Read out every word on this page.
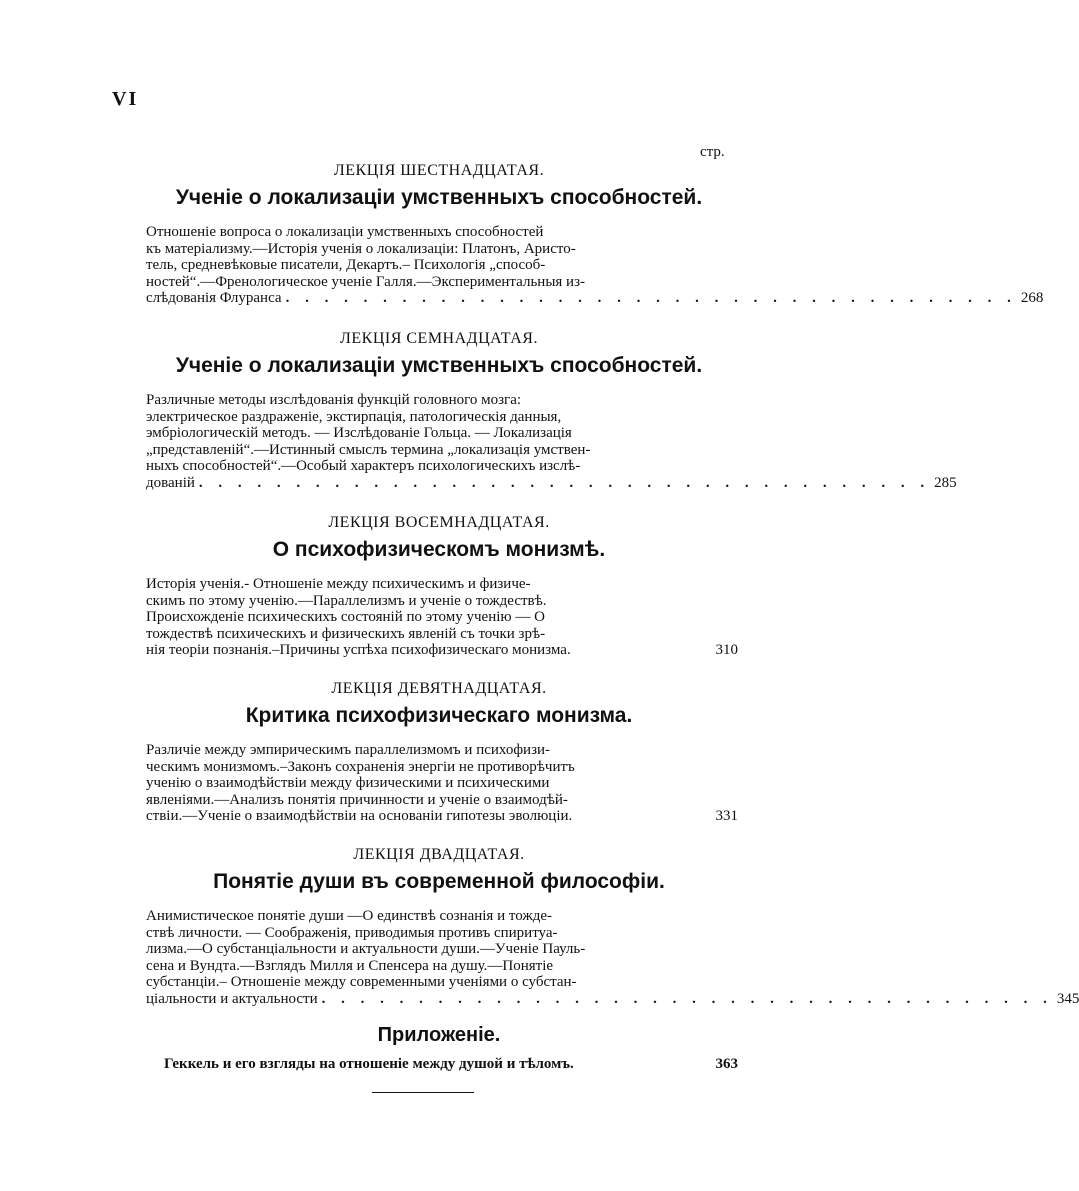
VI
стр.
ЛЕКЦІЯ ШЕСТНАДЦАТАЯ.
Ученіе о локализаціи умственныхъ способностей.
Отношеніе вопроса о локализаціи умственныхъ способностей
къ матеріализму.—Исторія ученія о локализаціи: Платонъ, Аристо-
тель, средневѣковые писатели, Декартъ.– Психологія „способ-
ностей“.—Френологическое ученіе Галля.—Экспериментальныя из-
слѣдованія Флуранса . . . . . . . . . . . . . . . . . . . . . . . . . . . . . . . . . . . . . . 268
ЛЕКЦІЯ СЕМНАДЦАТАЯ.
Ученіе о локализаціи умственныхъ способностей.
Различные методы изслѣдованія функцій головного мозга:
электрическое раздраженіе, экстирпація, патологическія данныя,
эмбріологическій методъ. — Изслѣдованіе Гольца. — Локализація
„представленій“.—Истинный смыслъ термина „локализація умствен-
ныхъ способностей“.—Особый характеръ психологическихъ изслѣ-
дованій . . . . . . . . . . . . . . . . . . . . . . . . . . . . . . . . . . . . . . 285
ЛЕКЦІЯ ВОСЕМНАДЦАТАЯ.
О психофизическомъ монизмѣ.
Исторія ученія.- Отношеніе между психическимъ и физиче-
скимъ по этому ученію.—Параллелизмъ и ученіе о тождествѣ.
Происхожденіе психическихъ состояній по этому ученію — О
тождествѣ психическихъ и физическихъ явленій съ точки зрѣ-
нія теоріи познанія.–Причины успѣха психофизическаго монизма.	310
ЛЕКЦІЯ ДЕВЯТНАДЦАТАЯ.
Критика психофизическаго монизма.
Различіе между эмпирическимъ параллелизмомъ и психофизи-
ческимъ монизмомъ.–Законъ сохраненія энергіи не противорѣчитъ
ученію о взаимодѣйствіи между физическими и психическими
явленіями.—Анализъ понятія причинности и ученіе о взаимодѣй-
ствіи.—Ученіе о взаимодѣйствіи на основаніи гипотезы эволюціи.	331
ЛЕКЦІЯ ДВАДЦАТАЯ.
Понятіе души въ современной философіи.
Анимистическое понятіе души —О единствѣ сознанія и тожде-
ствѣ личности. — Соображенія, приводимыя противъ спиритуа-
лизма.—О субстанціальности и актуальности души.—Ученіе Пауль-
сена и Вундта.—Взглядъ Милля и Спенсера на душу.—Понятіе
субстанціи.– Отношеніе между современными ученіями о субстан-
ціальности и актуальности . . . . . . . . . . . . . . . . . . . . . . . . . . . . . . . . . . . . . . 345
Приложеніе.
Геккель и его взгляды на отношеніе между душой и тѣломъ.	363
